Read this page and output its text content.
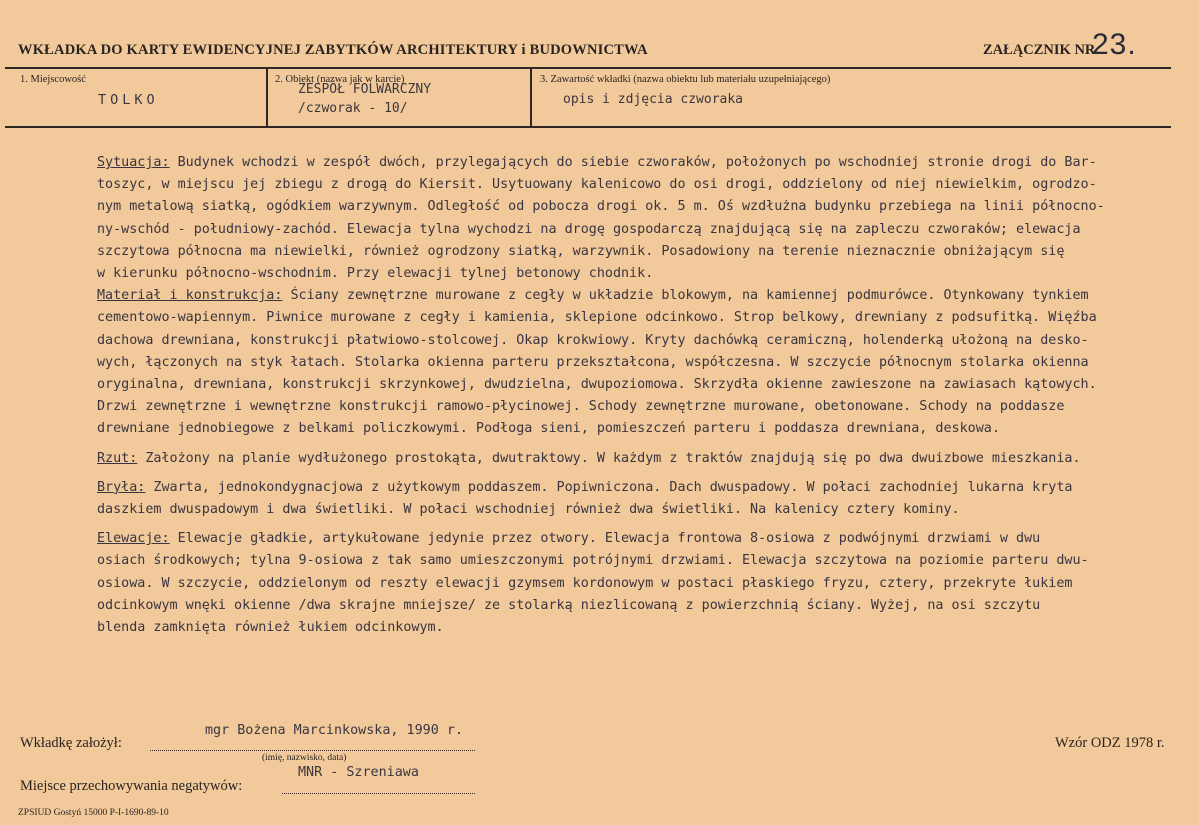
WKŁADKA DO KARTY EWIDENCYJNEJ ZABYTKÓW ARCHITEKTURY i BUDOWNICTWA	ZAŁĄCZNIK NR
23.
1. Miejscowość
TOLKO
2. Obiekt (nazwa jak w karcie)
ZESPÓŁ FOLWARCZNY
/czworak - 10/
3. Zawartość wkładki (nazwa obiektu lub materiału uzupełniającego)
opis i zdjęcia czworaka

Sytuacja: Budynek wchodzi w zespół dwóch, przylegających do siebie czworaków, położonych po wschodniej stronie drogi do Bar-
toszyc, w miejscu jej zbiegu z drogą do Kiersit. Usytuowany kalenicowo do osi drogi, oddzielony od niej niewielkim, ogrodzo-
nym metalową siatką, ogódkiem warzywnym. Odległość od pobocza drogi ok. 5 m. Oś wzdłużna budynku przebiega na linii północno-
ny-wschód - południowy-zachód. Elewacja tylna wychodzi na drogę gospodarczą znajdującą się na zapleczu czworaków; elewacja
szczytowa północna ma niewielki, również ogrodzony siatką, warzywnik. Posadowiony na terenie nieznacznie obniżającym się
w kierunku północno-wschodnim. Przy elewacji tylnej betonowy chodnik.

Materiał i konstrukcja: Ściany zewnętrzne murowane z cegły w układzie blokowym, na kamiennej podmurówce. Otynkowany tynkiem
cementowo-wapiennym. Piwnice murowane z cegły i kamienia, sklepione odcinkowo. Strop belkowy, drewniany z podsufitką. Więźba
dachowa drewniana, konstrukcji płatwiowo-stolcowej. Okap krokwiowy. Kryty dachówką ceramiczną, holenderką ułożoną na desko-
wych, łączonych na styk łatach. Stolarka okienna parteru przekształcona, współczesna. W szczycie północnym stolarka okienna
oryginalna, drewniana, konstrukcji skrzynkowej, dwudzielna, dwupoziomowa. Skrzydła okienne zawieszone na zawiasach kątowych.
Drzwi zewnętrzne i wewnętrzne konstrukcji ramowo-płycinowej. Schody zewnętrzne murowane, obetonowane. Schody na poddasze
drewniane jednobiegowe z belkami policzkowymi. Podłoga sieni, pomieszczeń parteru i poddasza drewniana, deskowa.

Rzut: Założony na planie wydłużonego prostokąta, dwutraktowy. W każdym z traktów znajdują się po dwa dwuizbowe mieszkania.

Bryła: Zwarta, jednokondygnacjowa z użytkowym poddaszem. Popiwniczona. Dach dwuspadowy. W połaci zachodniej lukarna kryta
daszkiem dwuspadowym i dwa świetliki. W połaci wschodniej również dwa świetliki. Na kalenicy cztery kominy.

Elewacje: Elewacje gładkie, artykułowane jedynie przez otwory. Elewacja frontowa 8-osiowa z podwójnymi drzwiami w dwu
osiach środkowych; tylna 9-osiowa z tak samo umieszczonymi potrójnymi drzwiami. Elewacja szczytowa na poziomie parteru dwu-
osiowa. W szczycie, oddzielonym od reszty elewacji gzymsem kordonowym w postaci płaskiego fryzu, cztery, przekryte łukiem
odcinkowym wnęki okienne /dwa skrajne mniejsze/ ze stolarką niezlicowaną z powierzchnią ściany. Wyżej, na osi szczytu
blenda zamknięta również łukiem odcinkowym.

Wkładkę założył:
mgr Bożena Marcinkowska, 1990 r.
(imię, nazwisko, data)
Wzór ODZ 1978 r.
Miejsce przechowywania negatywów:
MNR - Szreniawa
ZPSIUD Gostyń 15000 P-I-1690-89-10
